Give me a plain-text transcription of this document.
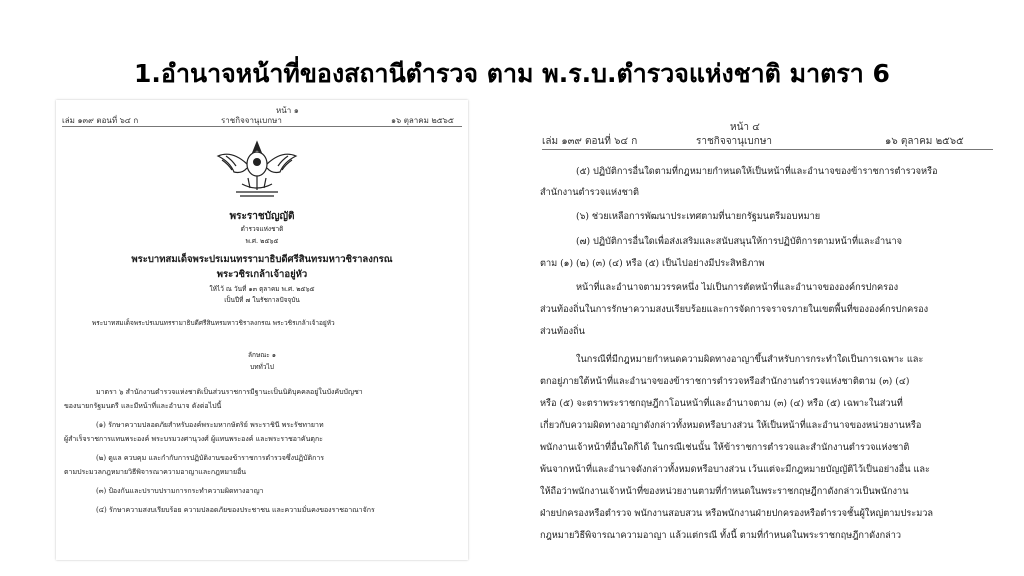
1.อำนาจหน้าที่ของสถานีตำรวจ ตาม พ.ร.บ.ตำรวจแห่งชาติ มาตรา 6
หน้า ๑
เล่ม ๑๓๙ ตอนที่ ๖๔ ก	ราชกิจจานุเบกษา	๑๖ ตุลาคม ๒๕๖๕
พระราชบัญญัติ
ตำรวจแห่งชาติ
พ.ศ. ๒๕๖๕
พระบาทสมเด็จพระปรเมนทรรามาธิบดีศรีสินทรมหาวชิราลงกรณ
พระวชิรเกล้าเจ้าอยู่หัว
ให้ไว้ ณ วันที่ ๑๓ ตุลาคม พ.ศ. ๒๕๖๕
เป็นปีที่ ๗ ในรัชกาลปัจจุบัน
พระบาทสมเด็จพระปรเมนทรรามาธิบดีศรีสินทรมหาวชิราลงกรณ พระวชิรเกล้าเจ้าอยู่หัว
ลักษณะ ๑
บททั่วไป
มาตรา ๖ สำนักงานตำรวจแห่งชาติเป็นส่วนราชการมีฐานะเป็นนิติบุคคลอยู่ในบังคับบัญชา
ของนายกรัฐมนตรี และมีหน้าที่และอำนาจ ดังต่อไปนี้
(๑) รักษาความปลอดภัยสำหรับองค์พระมหากษัตริย์ พระราชินี พระรัชทายาท
ผู้สำเร็จราชการแทนพระองค์ พระบรมวงศานุวงศ์ ผู้แทนพระองค์ และพระราชอาคันตุกะ
(๒) ดูแล ควบคุม และกำกับการปฏิบัติงานของข้าราชการตำรวจซึ่งปฏิบัติการ
ตามประมวลกฎหมายวิธีพิจารณาความอาญาและกฎหมายอื่น
(๓) ป้องกันและปราบปรามการกระทำความผิดทางอาญา
(๔) รักษาความสงบเรียบร้อย ความปลอดภัยของประชาชน และความมั่นคงของราชอาณาจักร
หน้า ๔
เล่ม ๑๓๙ ตอนที่ ๖๔ ก	ราชกิจจานุเบกษา	๑๖ ตุลาคม ๒๕๖๕
(๕) ปฏิบัติการอื่นใดตามที่กฎหมายกำหนดให้เป็นหน้าที่และอำนาจของข้าราชการตำรวจหรือ
สำนักงานตำรวจแห่งชาติ
(๖) ช่วยเหลือการพัฒนาประเทศตามที่นายกรัฐมนตรีมอบหมาย
(๗) ปฏิบัติการอื่นใดเพื่อส่งเสริมและสนับสนุนให้การปฏิบัติการตามหน้าที่และอำนาจ
ตาม (๑) (๒) (๓) (๔) หรือ (๕) เป็นไปอย่างมีประสิทธิภาพ
หน้าที่และอำนาจตามวรรคหนึ่ง ไม่เป็นการตัดหน้าที่และอำนาจขององค์กรปกครอง
ส่วนท้องถิ่นในการรักษาความสงบเรียบร้อยและการจัดการจราจรภายในเขตพื้นที่ขององค์กรปกครอง
ส่วนท้องถิ่น
ในกรณีที่มีกฎหมายกำหนดความผิดทางอาญาขึ้นสำหรับการกระทำใดเป็นการเฉพาะ และ
ตกอยู่ภายใต้หน้าที่และอำนาจของข้าราชการตำรวจหรือสำนักงานตำรวจแห่งชาติตาม (๓) (๔)
หรือ (๕) จะตราพระราชกฤษฎีกาโอนหน้าที่และอำนาจตาม (๓) (๔) หรือ (๕) เฉพาะในส่วนที่
เกี่ยวกับความผิดทางอาญาดังกล่าวทั้งหมดหรือบางส่วน ให้เป็นหน้าที่และอำนาจของหน่วยงานหรือ
พนักงานเจ้าหน้าที่อื่นใดก็ได้ ในกรณีเช่นนั้น ให้ข้าราชการตำรวจและสำนักงานตำรวจแห่งชาติ
พ้นจากหน้าที่และอำนาจดังกล่าวทั้งหมดหรือบางส่วน เว้นแต่จะมีกฎหมายบัญญัติไว้เป็นอย่างอื่น และ
ให้ถือว่าพนักงานเจ้าหน้าที่ของหน่วยงานตามที่กำหนดในพระราชกฤษฎีกาดังกล่าวเป็นพนักงาน
ฝ่ายปกครองหรือตำรวจ พนักงานสอบสวน หรือพนักงานฝ่ายปกครองหรือตำรวจชั้นผู้ใหญ่ตามประมวล
กฎหมายวิธีพิจารณาความอาญา แล้วแต่กรณี ทั้งนี้ ตามที่กำหนดในพระราชกฤษฎีกาดังกล่าว
